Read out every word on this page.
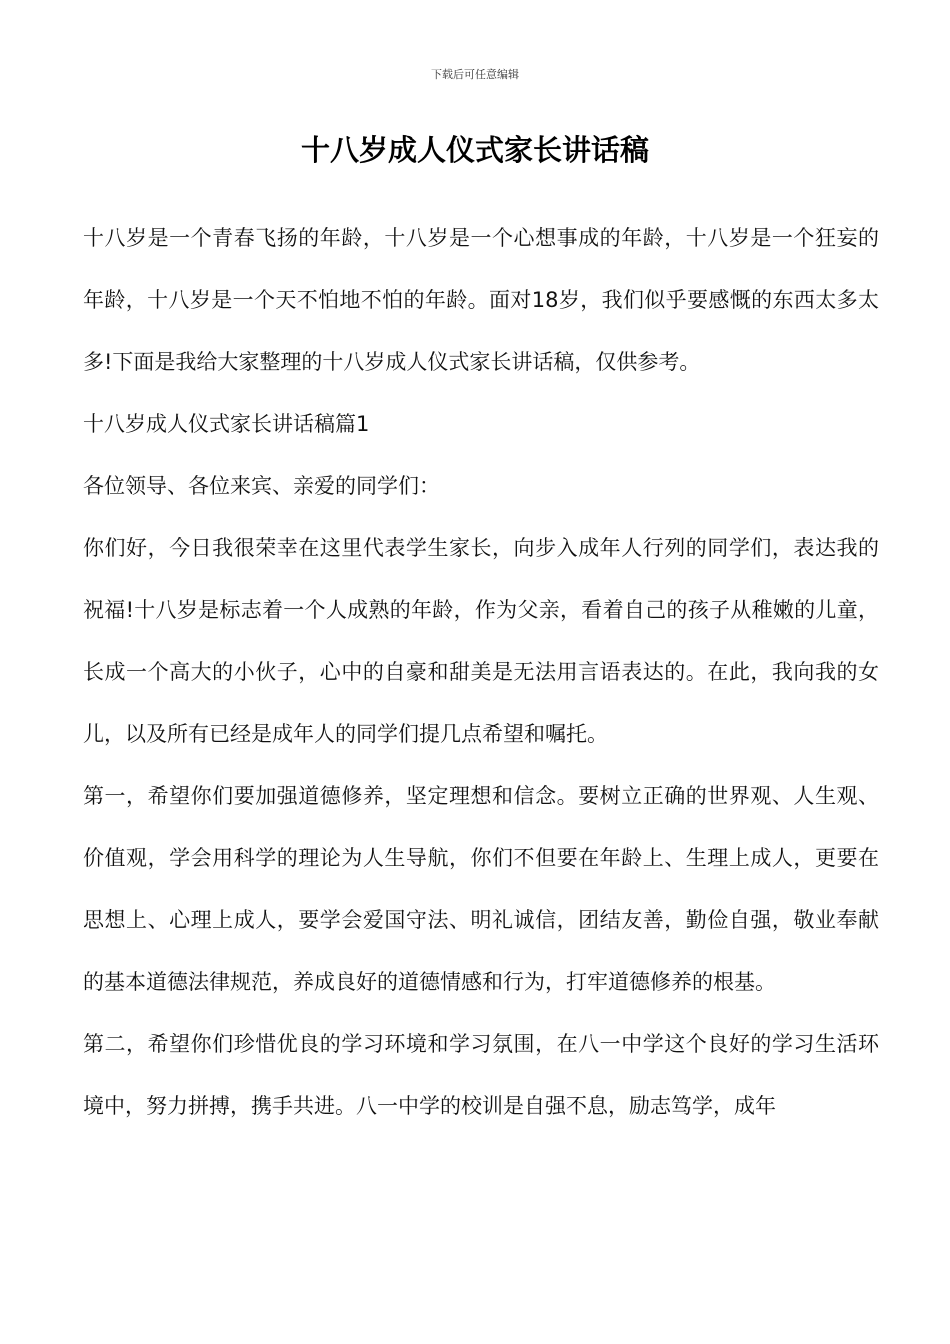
下载后可任意编辑
十八岁成人仪式家长讲话稿

十八岁是一个青春飞扬的年龄，十八岁是一个心想事成的年龄，十八岁是一个狂妄的年龄，十八岁是一个天不怕地不怕的年龄。面对18岁，我们似乎要感慨的东西太多太多!下面是我给大家整理的十八岁成人仪式家长讲话稿，仅供参考。

十八岁成人仪式家长讲话稿篇1

各位领导、各位来宾、亲爱的同学们：

你们好，今日我很荣幸在这里代表学生家长，向步入成年人行列的同学们，表达我的祝福!十八岁是标志着一个人成熟的年龄，作为父亲，看着自己的孩子从稚嫩的儿童，长成一个高大的小伙子，心中的自豪和甜美是无法用言语表达的。在此，我向我的女儿，以及所有已经是成年人的同学们提几点希望和嘱托。

第一，希望你们要加强道德修养，坚定理想和信念。要树立正确的世界观、人生观、价值观，学会用科学的理论为人生导航，你们不但要在年龄上、生理上成人，更要在思想上、心理上成人，要学会爱国守法、明礼诚信，团结友善，勤俭自强，敬业奉献的基本道德法律规范，养成良好的道德情感和行为，打牢道德修养的根基。

第二，希望你们珍惜优良的学习环境和学习氛围，在八一中学这个良好的学习生活环境中，努力拼搏，携手共进。八一中学的校训是自强不息，励志笃学，成年
